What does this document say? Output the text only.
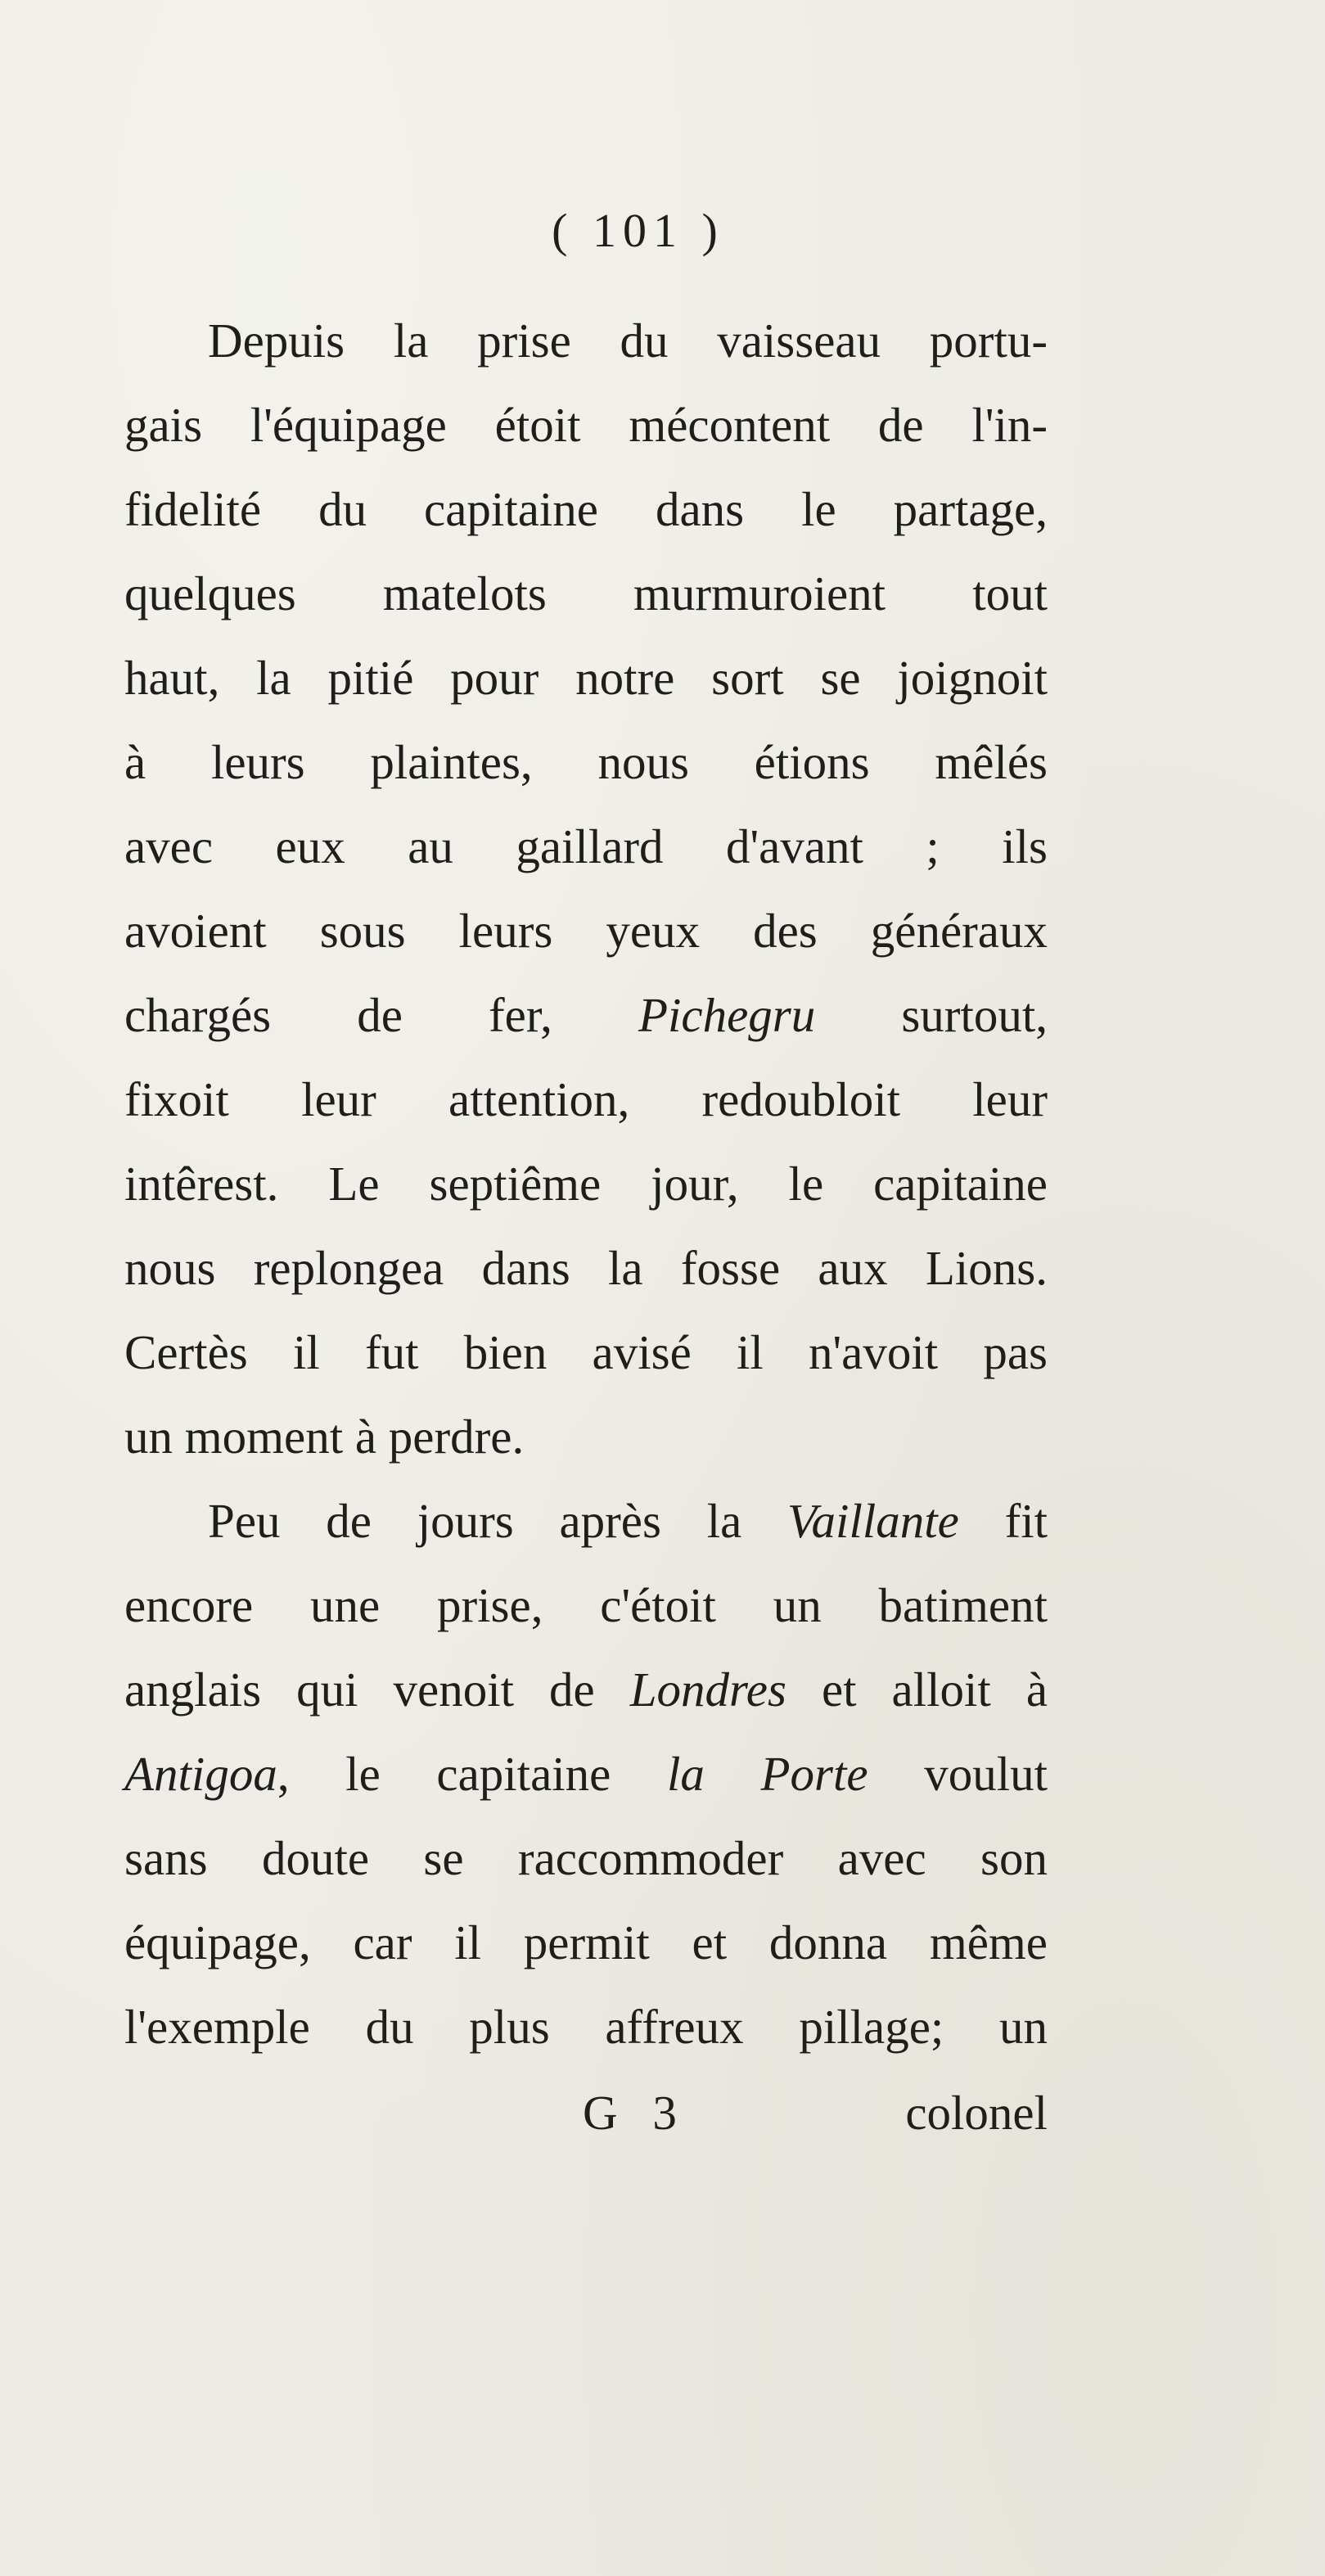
( 101 )
Depuis la prise du vaisseau portu-
gais l'équipage étoit mécontent de l'in-
fidelité du capitaine dans le partage,
quelques matelots murmuroient tout
haut, la pitié pour notre sort se joignoit
à leurs plaintes, nous étions mêlés
avec eux au gaillard d'avant ; ils
avoient sous leurs yeux des généraux
chargés de fer, Pichegru surtout,
fixoit leur attention, redoubloit leur
intêrest. Le septiême jour, le capitaine
nous replongea dans la fosse aux Lions.
Certès il fut bien avisé il n'avoit pas
un moment à perdre.
Peu de jours après la Vaillante fit
encore une prise, c'étoit un batiment
anglais qui venoit de Londres et alloit à
Antigoa, le capitaine la Porte voulut
sans doute se raccommoder avec son
équipage, car il permit et donna même
l'exemple du plus affreux pillage; un
G 3	colonel
